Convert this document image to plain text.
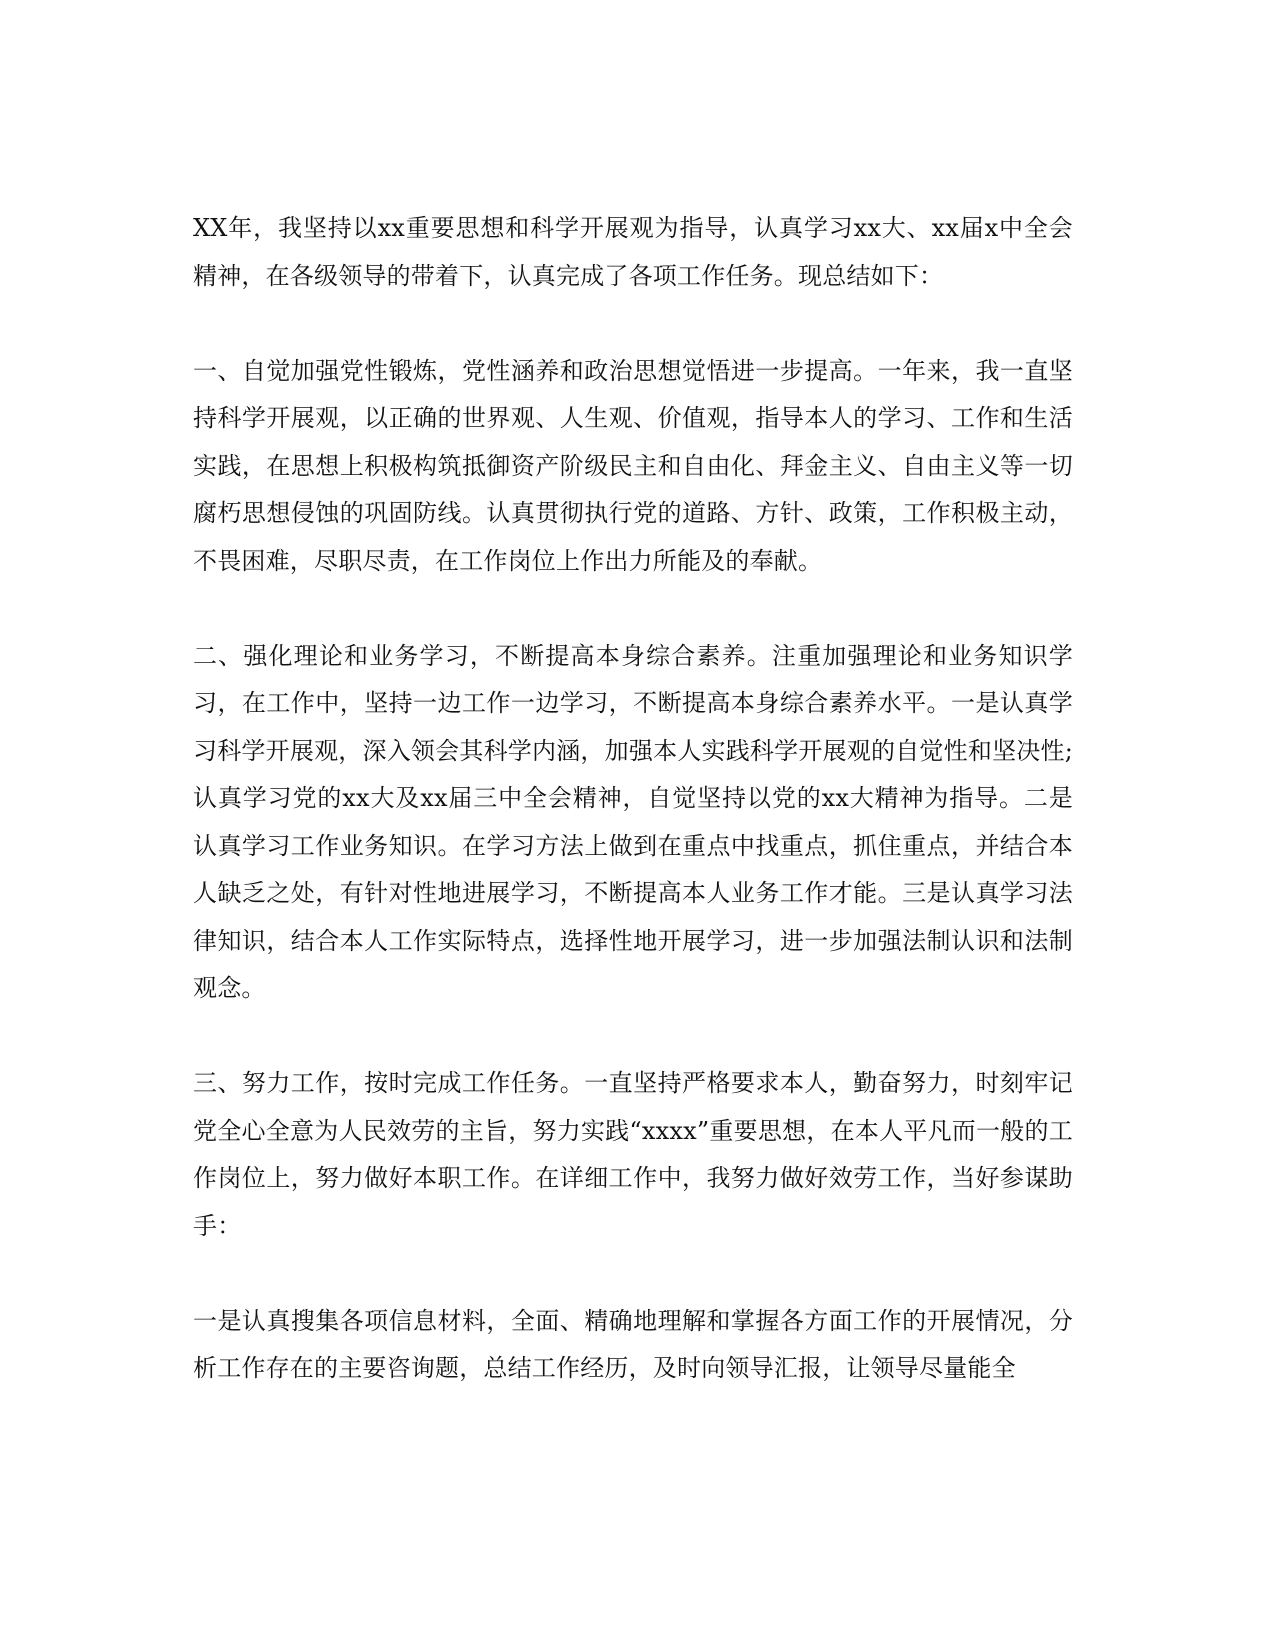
XX年，我坚持以xx重要思想和科学开展观为指导，认真学习xx大、xx届x中全会精神，在各级领导的带着下，认真完成了各项工作任务。现总结如下：

一、自觉加强党性锻炼，党性涵养和政治思想觉悟进一步提高。一年来，我一直坚持科学开展观，以正确的世界观、人生观、价值观，指导本人的学习、工作和生活实践，在思想上积极构筑抵御资产阶级民主和自由化、拜金主义、自由主义等一切腐朽思想侵蚀的巩固防线。认真贯彻执行党的道路、方针、政策，工作积极主动，不畏困难，尽职尽责，在工作岗位上作出力所能及的奉献。

二、强化理论和业务学习，不断提高本身综合素养。注重加强理论和业务知识学习，在工作中，坚持一边工作一边学习，不断提高本身综合素养水平。一是认真学习科学开展观，深入领会其科学内涵，加强本人实践科学开展观的自觉性和坚决性;认真学习党的xx大及xx届三中全会精神，自觉坚持以党的xx大精神为指导。二是认真学习工作业务知识。在学习方法上做到在重点中找重点，抓住重点，并结合本人缺乏之处，有针对性地进展学习，不断提高本人业务工作才能。三是认真学习法律知识，结合本人工作实际特点，选择性地开展学习，进一步加强法制认识和法制观念。

三、努力工作，按时完成工作任务。一直坚持严格要求本人，勤奋努力，时刻牢记党全心全意为人民效劳的主旨，努力实践“xxxx”重要思想，在本人平凡而一般的工作岗位上，努力做好本职工作。在详细工作中，我努力做好效劳工作，当好参谋助手：

一是认真搜集各项信息材料，全面、精确地理解和掌握各方面工作的开展情况，分析工作存在的主要咨询题，总结工作经历，及时向领导汇报，让领导尽量能全
